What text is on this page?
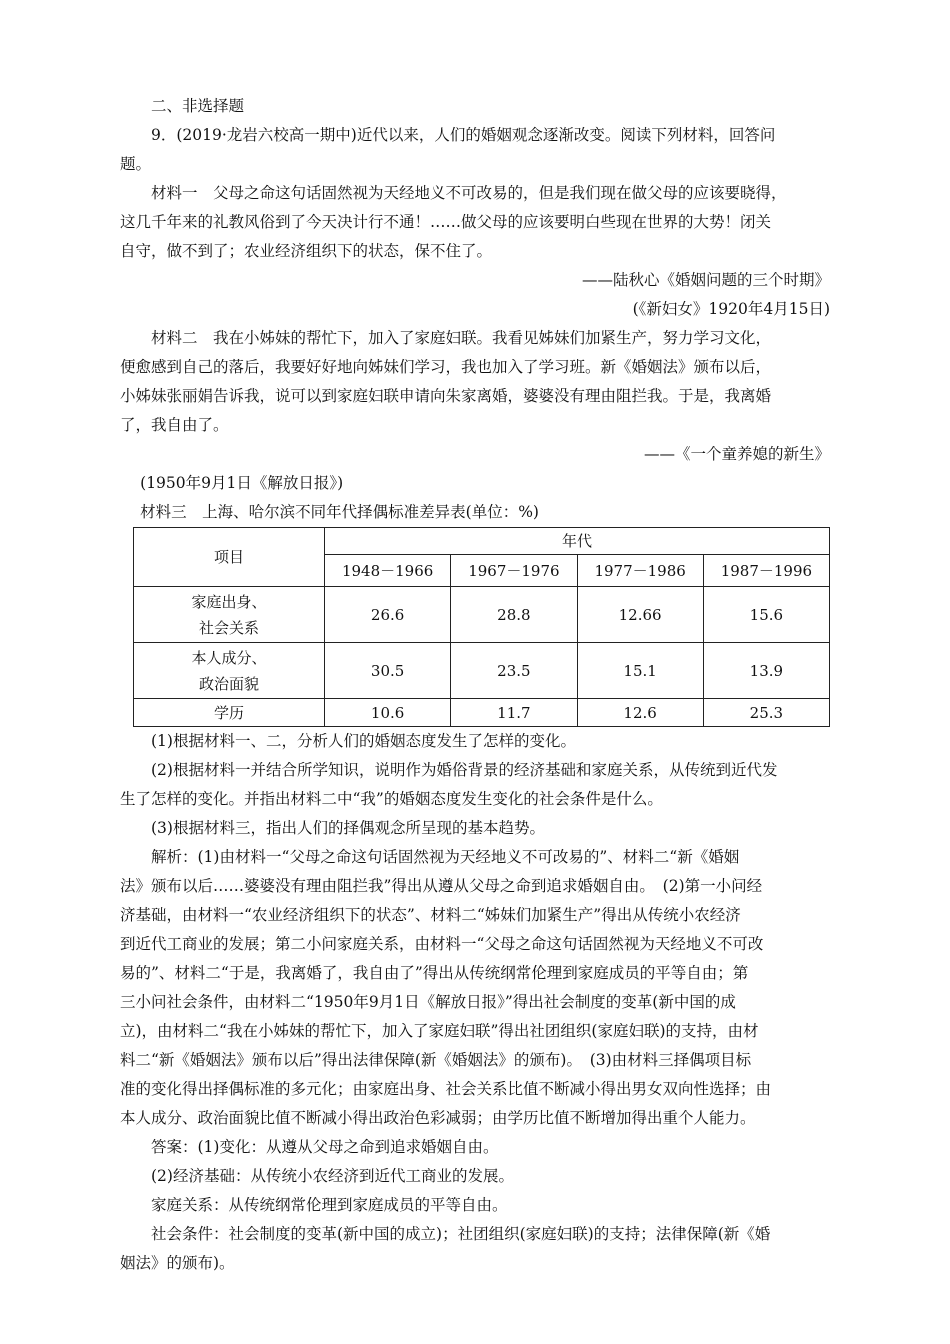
二、非选择题
9．(2019·龙岩六校高一期中)近代以来，人们的婚姻观念逐渐改变。阅读下列材料，回答问
题。
材料一　父母之命这句话固然视为天经地义不可改易的，但是我们现在做父母的应该要晓得，
这几千年来的礼教风俗到了今天决计行不通！……做父母的应该要明白些现在世界的大势！闭关
自守，做不到了；农业经济组织下的状态，保不住了。
——陆秋心《婚姻问题的三个时期》
(《新妇女》1920年4月15日)
材料二　我在小姊妹的帮忙下，加入了家庭妇联。我看见姊妹们加紧生产，努力学习文化，
便愈感到自己的落后，我要好好地向姊妹们学习，我也加入了学习班。新《婚姻法》颁布以后，
小姊妹张丽娟告诉我，说可以到家庭妇联申请向朱家离婚，婆婆没有理由阻拦我。于是，我离婚
了，我自由了。
——《一个童养媳的新生》
(1950年9月1日《解放日报》)
材料三　上海、哈尔滨不同年代择偶标准差异表(单位：%)
项目	年代			
	1948－1966	1967－1976	1977－1986	1987－1996

家庭出身、
社会关系	26.6	28.8	12.66	15.6

本人成分、
政治面貌	30.5	23.5	15.1	13.9
学历	10.6	11.7	12.6	25.3
(1)根据材料一、二，分析人们的婚姻态度发生了怎样的变化。
(2)根据材料一并结合所学知识，说明作为婚俗背景的经济基础和家庭关系，从传统到近代发
生了怎样的变化。并指出材料二中“我”的婚姻态度发生变化的社会条件是什么。
(3)根据材料三，指出人们的择偶观念所呈现的基本趋势。
解析：(1)由材料一“父母之命这句话固然视为天经地义不可改易的”、材料二“新《婚姻
法》颁布以后……婆婆没有理由阻拦我”得出从遵从父母之命到追求婚姻自由。　(2)第一小问经
济基础，由材料一“农业经济组织下的状态”、材料二“姊妹们加紧生产”得出从传统小农经济
到近代工商业的发展；第二小问家庭关系，由材料一“父母之命这句话固然视为天经地义不可改
易的”、材料二“于是，我离婚了，我自由了”得出从传统纲常伦理到家庭成员的平等自由；第
三小问社会条件，由材料二“1950年9月1日《解放日报》”得出社会制度的变革(新中国的成
立)，由材料二“我在小姊妹的帮忙下，加入了家庭妇联”得出社团组织(家庭妇联)的支持，由材
料二“新《婚姻法》颁布以后”得出法律保障(新《婚姻法》的颁布)。　(3)由材料三择偶项目标
准的变化得出择偶标准的多元化；由家庭出身、社会关系比值不断减小得出男女双向性选择；由
本人成分、政治面貌比值不断减小得出政治色彩减弱；由学历比值不断增加得出重个人能力。
答案：(1)变化：从遵从父母之命到追求婚姻自由。
(2)经济基础：从传统小农经济到近代工商业的发展。
家庭关系：从传统纲常伦理到家庭成员的平等自由。
社会条件：社会制度的变革(新中国的成立)；社团组织(家庭妇联)的支持；法律保障(新《婚
姻法》的颁布)。
